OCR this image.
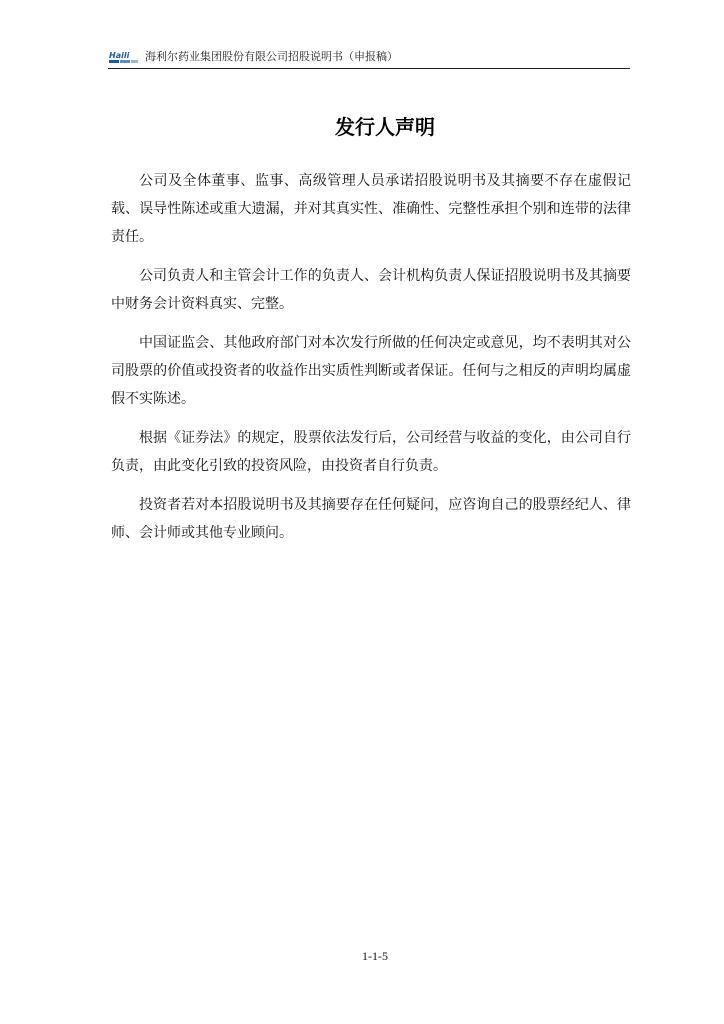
Haili 海利尔药业集团股份有限公司招股说明书（申报稿）
发行人声明

公司及全体董事、监事、高级管理人员承诺招股说明书及其摘要不存在虚假记载、误导性陈述或重大遗漏，并对其真实性、准确性、完整性承担个别和连带的法律责任。

公司负责人和主管会计工作的负责人、会计机构负责人保证招股说明书及其摘要中财务会计资料真实、完整。

中国证监会、其他政府部门对本次发行所做的任何决定或意见，均不表明其对公司股票的价值或投资者的收益作出实质性判断或者保证。任何与之相反的声明均属虚假不实陈述。

根据《证券法》的规定，股票依法发行后，公司经营与收益的变化，由公司自行负责，由此变化引致的投资风险，由投资者自行负责。

投资者若对本招股说明书及其摘要存在任何疑问，应咨询自己的股票经纪人、律师、会计师或其他专业顾问。

1-1-5
